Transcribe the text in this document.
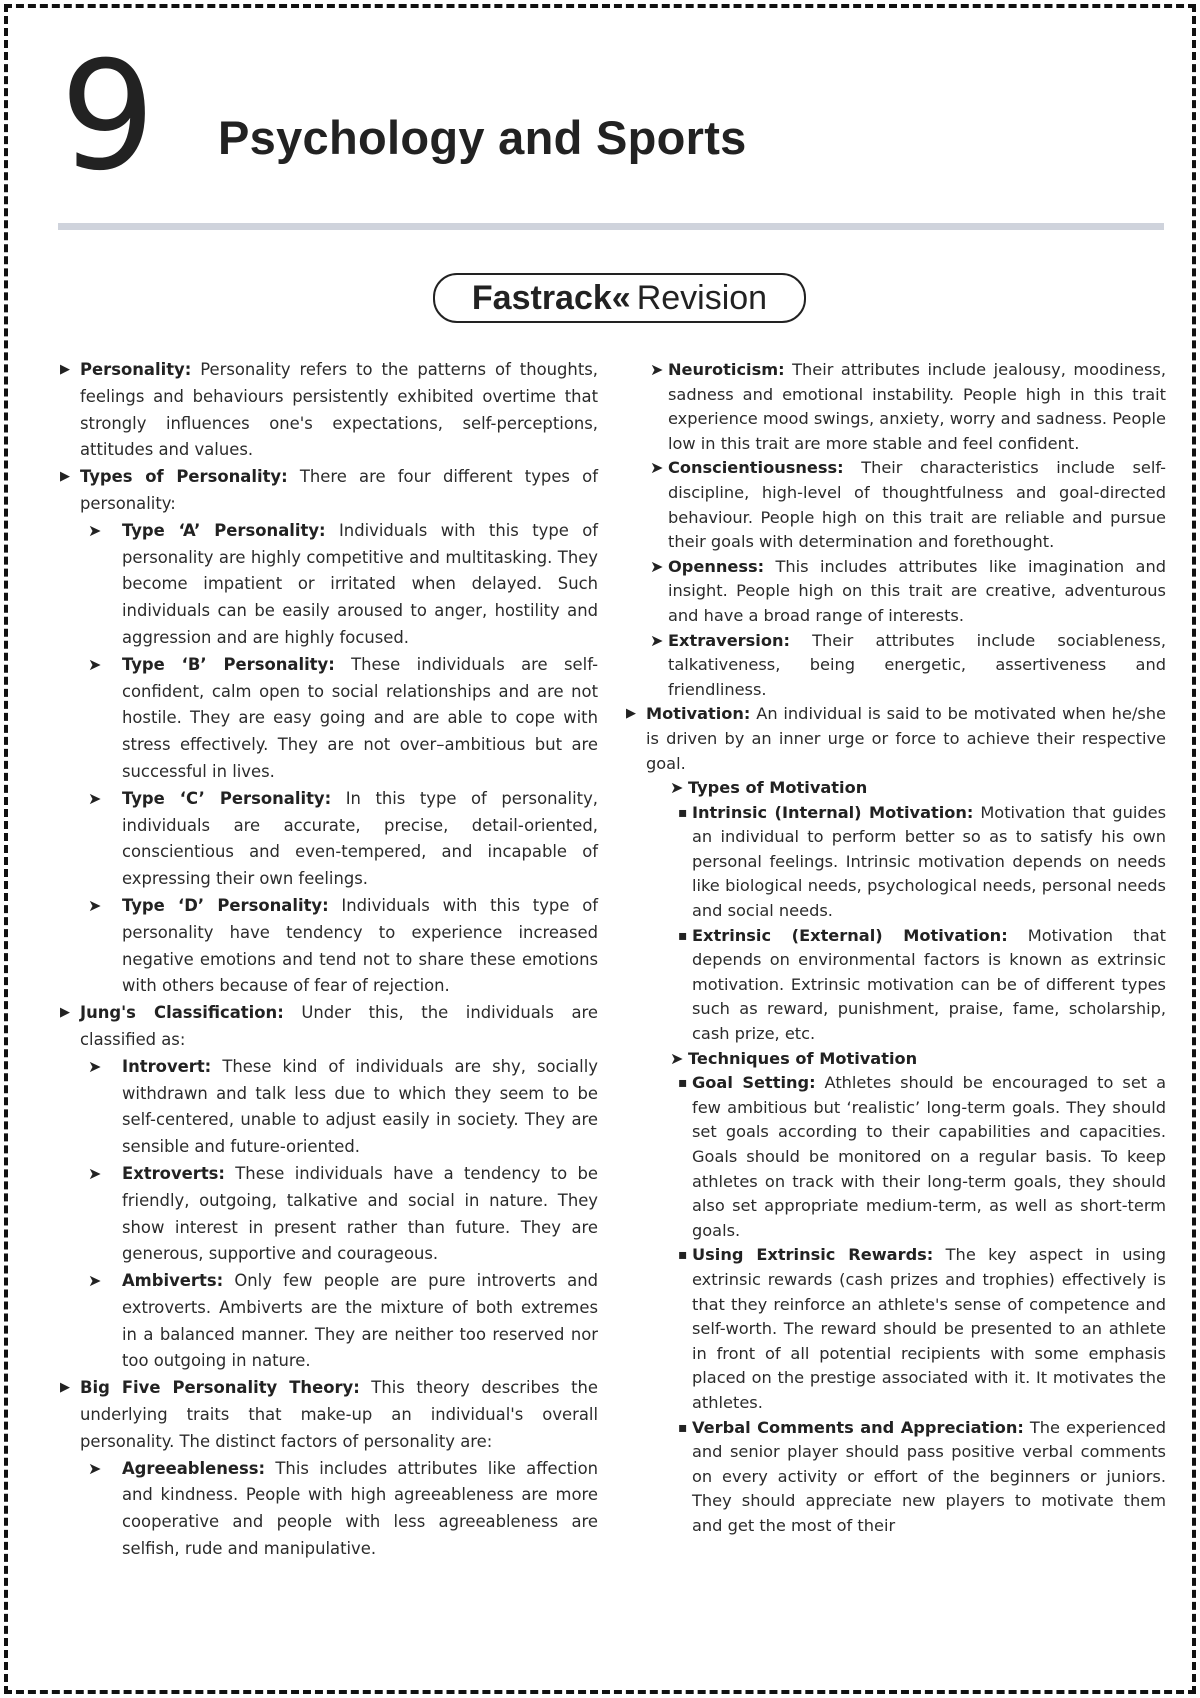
9 Psychology and Sports
Fastrack« Revision
▶ Personality: Personality refers to the patterns of thoughts, feelings and behaviours persistently exhibited overtime that strongly influences one's expectations, self-perceptions, attitudes and values.

▶ Types of Personality: There are four different types of personality:

➤ Type ‘A’ Personality: Individuals with this type of personality are highly competitive and multitasking. They become impatient or irritated when delayed. Such individuals can be easily aroused to anger, hostility and aggression and are highly focused.

➤ Type ‘B’ Personality: These individuals are self-confident, calm open to social relationships and are not hostile. They are easy going and are able to cope with stress effectively. They are not over–ambitious but are successful in lives.

➤ Type ‘C’ Personality: In this type of personality, individuals are accurate, precise, detail-oriented, conscientious and even-tempered, and incapable of expressing their own feelings.

➤ Type ‘D’ Personality: Individuals with this type of personality have tendency to experience increased negative emotions and tend not to share these emotions with others because of fear of rejection.

▶ Jung's Classification: Under this, the individuals are classified as:

➤ Introvert: These kind of individuals are shy, socially withdrawn and talk less due to which they seem to be self-centered, unable to adjust easily in society. They are sensible and future-oriented.

➤ Extroverts: These individuals have a tendency to be friendly, outgoing, talkative and social in nature. They show interest in present rather than future. They are generous, supportive and courageous.

➤ Ambiverts: Only few people are pure introverts and extroverts. Ambiverts are the mixture of both extremes in a balanced manner. They are neither too reserved nor too outgoing in nature.

▶ Big Five Personality Theory: This theory describes the underlying traits that make-up an individual's overall personality. The distinct factors of personality are:

➤ Agreeableness: This includes attributes like affection and kindness. People with high agreeableness are more cooperative and people with less agreeableness are selfish, rude and manipulative.

➤ Neuroticism: Their attributes include jealousy, moodiness, sadness and emotional instability. People high in this trait experience mood swings, anxiety, worry and sadness. People low in this trait are more stable and feel confident.

➤ Conscientiousness: Their characteristics include self-discipline, high-level of thoughtfulness and goal-directed behaviour. People high on this trait are reliable and pursue their goals with determination and forethought.

➤ Openness: This includes attributes like imagination and insight. People high on this trait are creative, adventurous and have a broad range of interests.

➤ Extraversion: Their attributes include sociableness, talkativeness, being energetic, assertiveness and friendliness.

▶ Motivation: An individual is said to be motivated when he/she is driven by an inner urge or force to achieve their respective goal.

➤ Types of Motivation

▪ Intrinsic (Internal) Motivation: Motivation that guides an individual to perform better so as to satisfy his own personal feelings. Intrinsic motivation depends on needs like biological needs, psychological needs, personal needs and social needs.

▪ Extrinsic (External) Motivation: Motivation that depends on environmental factors is known as extrinsic motivation. Extrinsic motivation can be of different types such as reward, punishment, praise, fame, scholarship, cash prize, etc.

➤ Techniques of Motivation

▪ Goal Setting: Athletes should be encouraged to set a few ambitious but ‘realistic’ long-term goals. They should set goals according to their capabilities and capacities. Goals should be monitored on a regular basis. To keep athletes on track with their long-term goals, they should also set appropriate medium-term, as well as short-term goals.

▪ Using Extrinsic Rewards: The key aspect in using extrinsic rewards (cash prizes and trophies) effectively is that they reinforce an athlete's sense of competence and self-worth. The reward should be presented to an athlete in front of all potential recipients with some emphasis placed on the prestige associated with it. It motivates the athletes.

▪ Verbal Comments and Appreciation: The experienced and senior player should pass positive verbal comments on every activity or effort of the beginners or juniors. They should appreciate new players to motivate them and get the most of their
